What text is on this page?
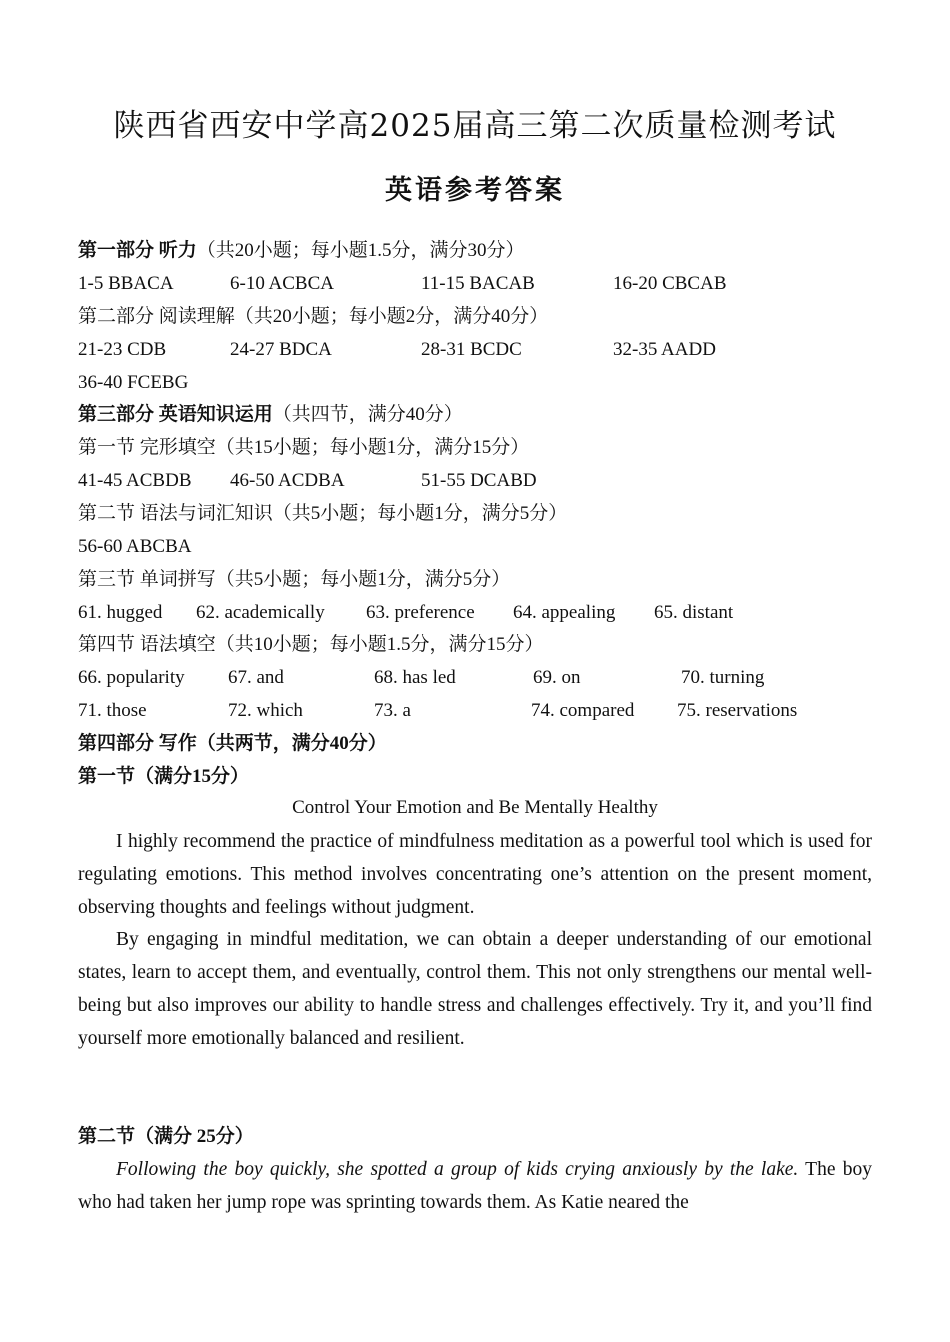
陕西省西安中学高2025届高三第二次质量检测考试
英语参考答案
第一部分 听力（共20小题；每小题1.5分，满分30分）
1-5 BBACA	6-10 ACBCA	11-15 BACAB	16-20 CBCAB
第二部分 阅读理解（共20小题；每小题2分，满分40分）
21-23 CDB	24-27 BDCA	28-31 BCDC	32-35 AADD
36-40 FCEBG
第三部分 英语知识运用（共四节，满分40分）
第一节 完形填空（共15小题；每小题1分，满分15分）
41-45 ACBDB 46-50 ACDBA	51-55 DCABD
第二节 语法与词汇知识（共5小题；每小题1分，满分5分）
56-60 ABCBA
第三节 单词拼写（共5小题；每小题1分，满分5分）
61. hugged 62. academically 63. preference 64. appealing 65. distant
第四节 语法填空（共10小题；每小题1.5分，满分15分）
66. popularity 67. and	68. has led	69. on	70. turning
71. those	72. which	73. a	74. compared 75. reservations
第四部分 写作（共两节，满分40分）
第一节（满分15分）
Control Your Emotion and Be Mentally Healthy
I highly recommend the practice of mindfulness meditation as a powerful tool which is used for regulating emotions. This method involves concentrating one’s attention on the present moment, observing thoughts and feelings without judgment.
By engaging in mindful meditation, we can obtain a deeper understanding of our emotional states, learn to accept them, and eventually, control them. This not only strengthens our mental well-being but also improves our ability to handle stress and challenges effectively. Try it, and you’ll find yourself more emotionally balanced and resilient.
第二节（满分 25分）
Following the boy quickly, she spotted a group of kids crying anxiously by the lake. The boy who had taken her jump rope was sprinting towards them. As Katie neared the
